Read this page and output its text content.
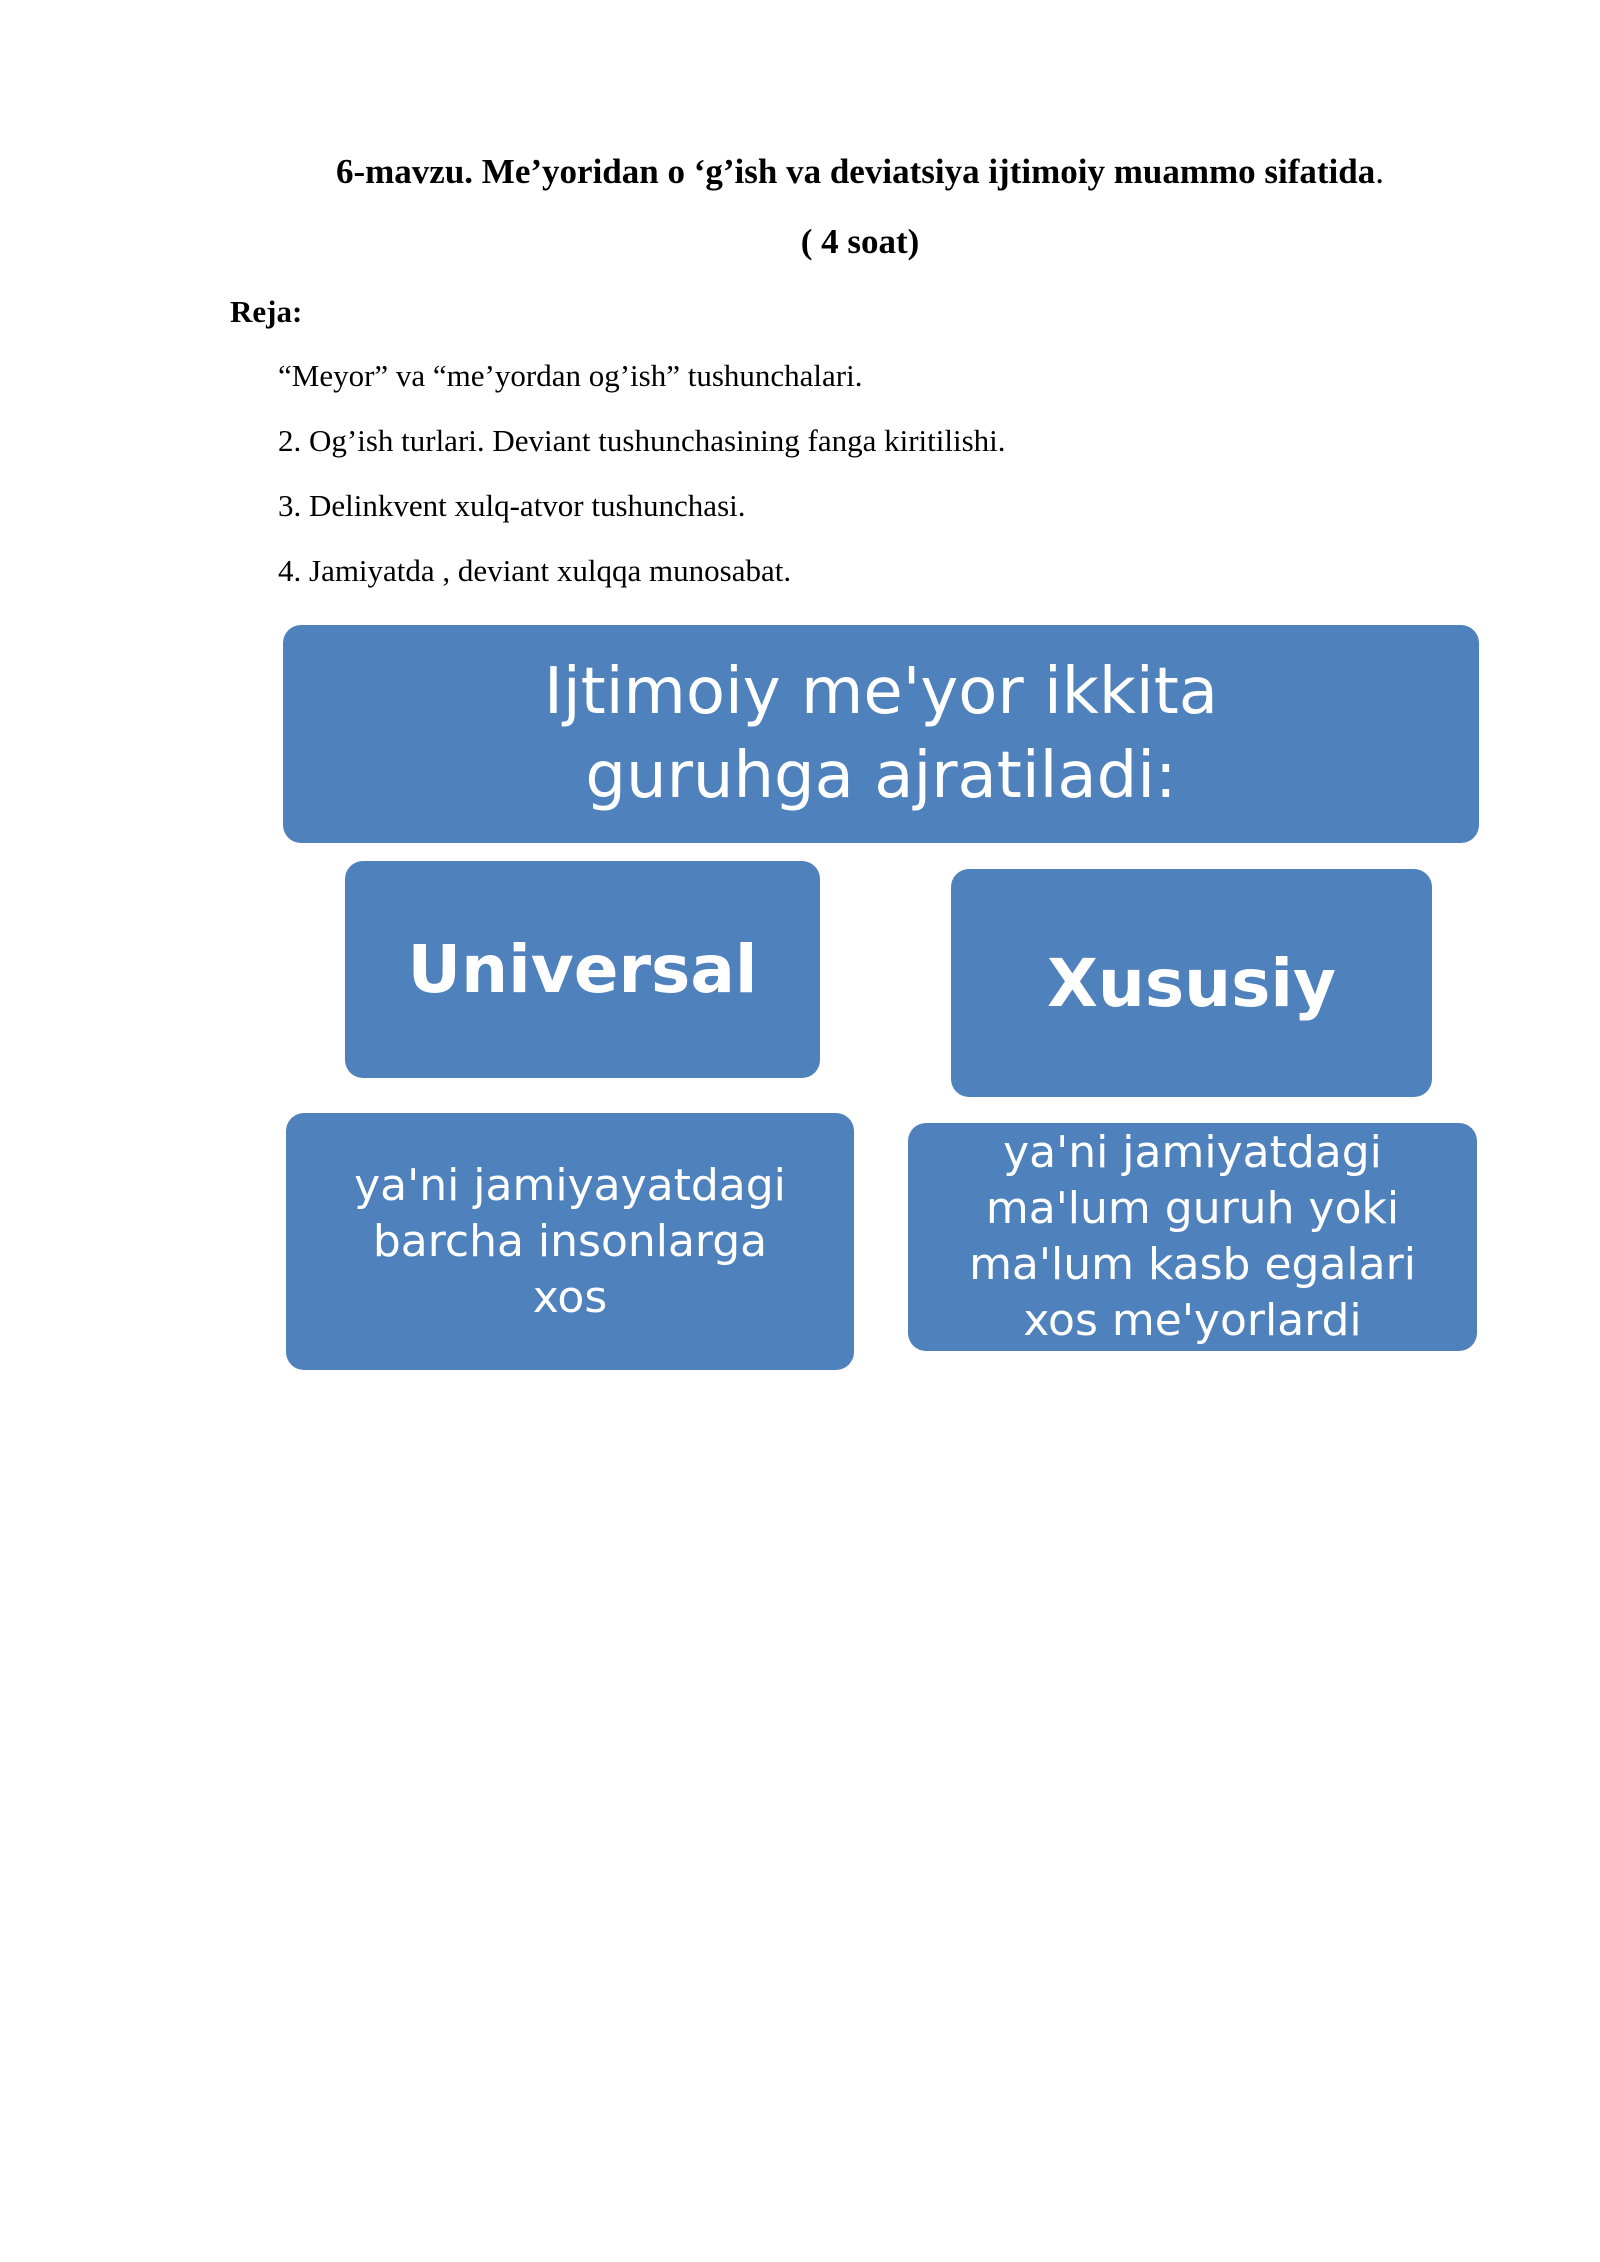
6-mavzu. Me’yoridan o ‘g’ish va deviatsiya ijtimoiy muammo sifatida.
( 4 soat)
Reja:
“Meyor” va “me’yordan og’ish” tushunchalari.
2. Og’ish turlari. Deviant tushunchasining fanga kiritilishi.
3. Delinkvent xulq-atvor tushunchasi.
4. Jamiyatda , deviant xulqqa munosabat.
Ijtimoiy me'yor ikkita guruhga ajratiladi:
Universal	Xususiy
ya'ni jamiyayatdagi barcha insonlarga xos
ya'ni jamiyatdagi ma'lum guruh yoki ma'lum kasb egalari xos me'yorlardi
